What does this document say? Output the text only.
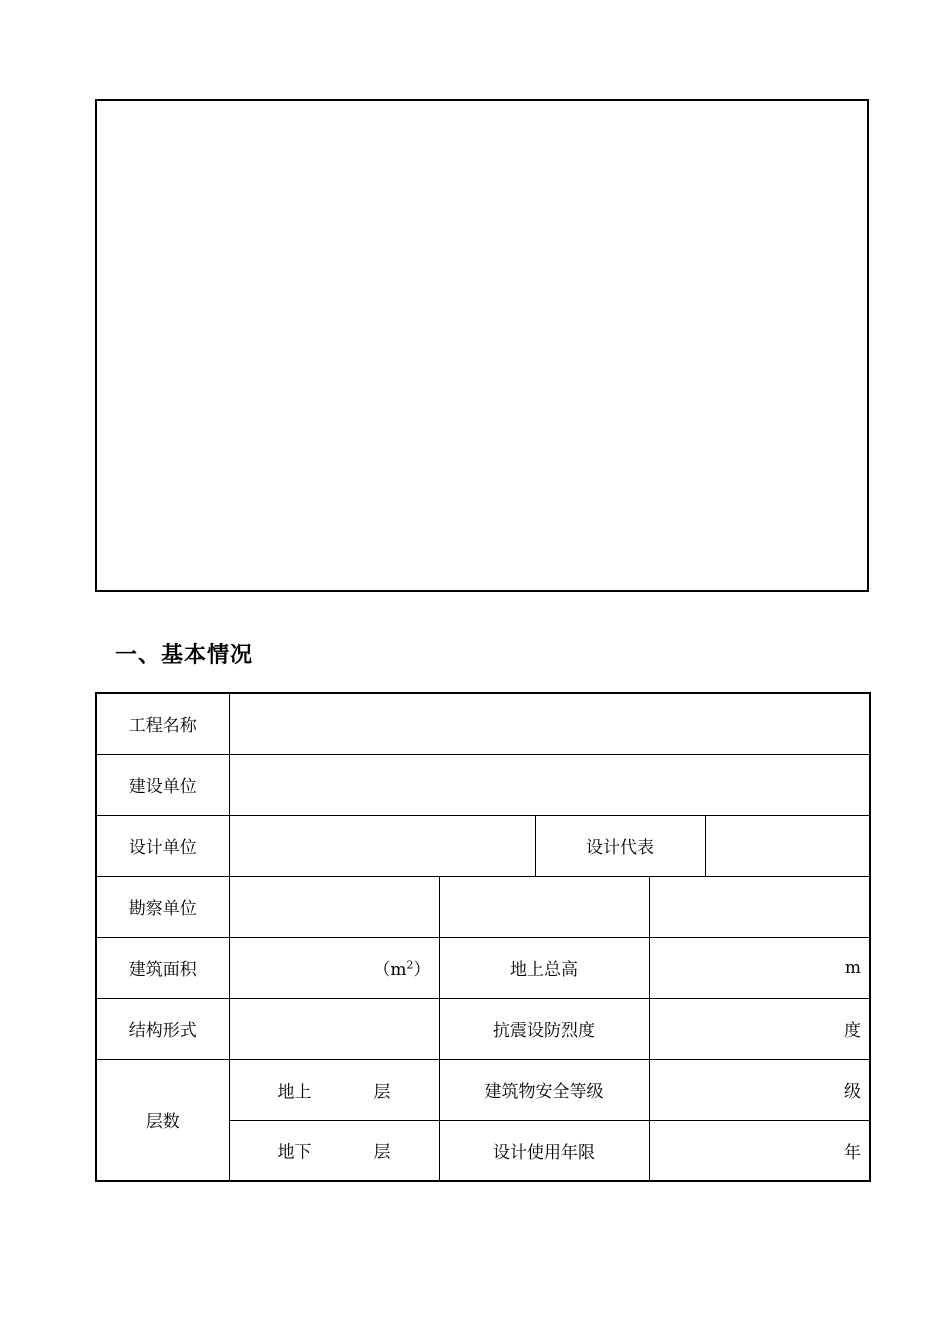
一、基本情况
工程名称					
建设单位					
设计单位			设计代表		
勘察单位					
建筑面积	$(m^2)$	地上总高		m	
结构形式		抗震设防烈度		度	
层数	地上 层	建筑物安全等级		级	

	地下 层	设计使用年限		年	
